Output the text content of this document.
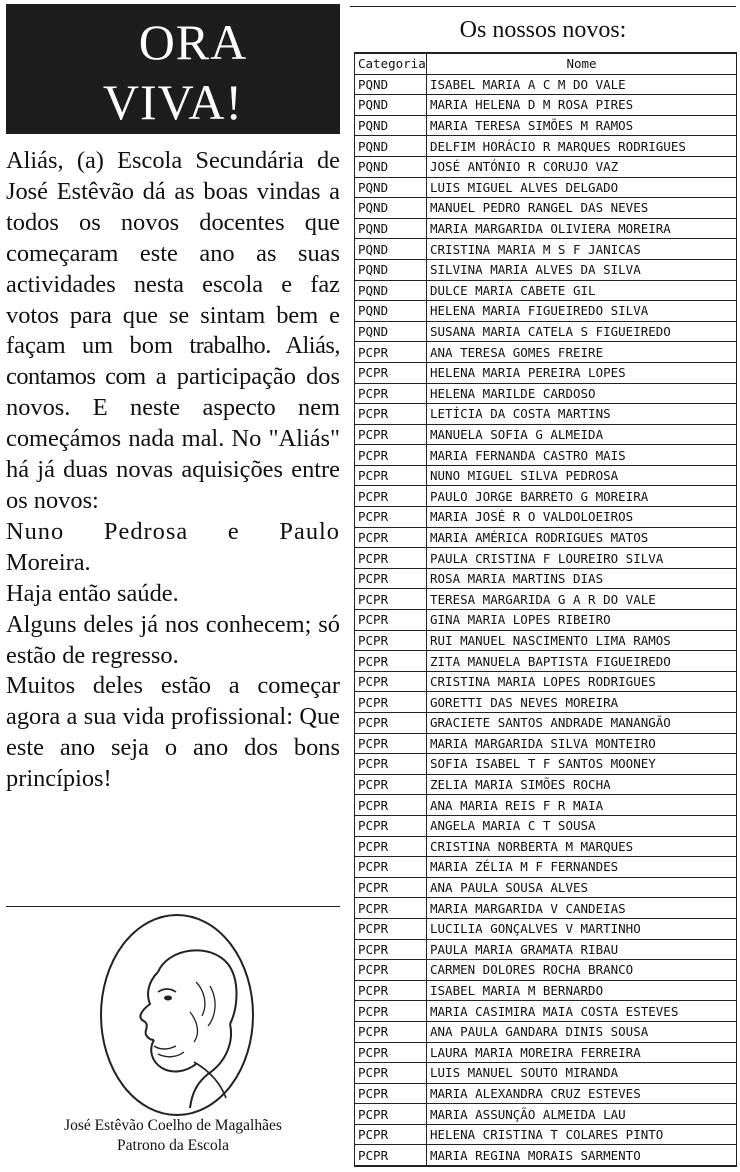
ORA
VIVA!

Aliás, (a) Escola Secundária de José Estêvão dá as boas vindas a todos os novos docentes que começaram este ano as suas actividades nesta escola e faz votos para que se sintam bem e façam um bom trabalho. Aliás, contamos com a participação dos novos. E neste aspecto nem começámos nada mal. No "Aliás" há já duas novas aquisições entre os novos:

Nuno Pedrosa e Paulo

Moreira.

Haja então saúde.

Alguns deles já nos conhecem; só estão de regresso.

Muitos deles estão a começar agora a sua vida profissional: Que este ano seja o ano dos bons princípios!

José Estêvão Coelho de Magalhães
Patrono da Escola
Os nossos novos:
Categoria	Nome
PQND	ISABEL MARIA A C M DO VALE
PQND	MARIA HELENA D M ROSA PIRES
PQND	MARIA TERESA SIMÕES M RAMOS
PQND	DELFIM HORÁCIO R MARQUES RODRIGUES
PQND	JOSÉ ANTÓNIO R CORUJO VAZ
PQND	LUIS MIGUEL ALVES DELGADO
PQND	MANUEL PEDRO RANGEL DAS NEVES
PQND	MARIA MARGARIDA OLIVIERA MOREIRA
PQND	CRISTINA MARIA M S F JANICAS
PQND	SILVINA MARIA ALVES DA SILVA
PQND	DULCE MARIA CABETE GIL
PQND	HELENA MARIA FIGUEIREDO SILVA
PQND	SUSANA MARIA CATELA S FIGUEIREDO
PCPR	ANA TERESA GOMES FREIRE
PCPR	HELENA MARIA PEREIRA LOPES
PCPR	HELENA MARILDE CARDOSO
PCPR	LETÍCIA DA COSTA MARTINS
PCPR	MANUELA SOFIA G ALMEIDA
PCPR	MARIA FERNANDA CASTRO MAIS
PCPR	NUNO MIGUEL SILVA PEDROSA
PCPR	PAULO JORGE BARRETO G MOREIRA
PCPR	MARIA JOSÉ R O VALDOLOEIROS
PCPR	MARIA AMÉRICA RODRIGUES MATOS
PCPR	PAULA CRISTINA F LOUREIRO SILVA
PCPR	ROSA MARIA MARTINS DIAS
PCPR	TERESA MARGARIDA G A R DO VALE
PCPR	GINA MARIA LOPES RIBEIRO
PCPR	RUI MANUEL NASCIMENTO LIMA RAMOS
PCPR	ZITA MANUELA BAPTISTA FIGUEIREDO
PCPR	CRISTINA MARIA LOPES RODRIGUES
PCPR	GORETTI DAS NEVES MOREIRA
PCPR	GRACIETE SANTOS ANDRADE MANANGÃO
PCPR	MARIA MARGARIDA SILVA MONTEIRO
PCPR	SOFIA ISABEL T F SANTOS MOONEY
PCPR	ZELIA MARIA SIMÕES ROCHA
PCPR	ANA MARIA REIS F R MAIA
PCPR	ANGELA MARIA C T SOUSA
PCPR	CRISTINA NORBERTA M MARQUES
PCPR	MARIA ZÉLIA M F FERNANDES
PCPR	ANA PAULA SOUSA ALVES
PCPR	MARIA MARGARIDA V CANDEIAS
PCPR	LUCILIA GONÇALVES V MARTINHO
PCPR	PAULA MARIA GRAMATA RIBAU
PCPR	CARMEN DOLORES ROCHA BRANCO
PCPR	ISABEL MARIA M BERNARDO
PCPR	MARIA CASIMIRA MAIA COSTA ESTEVES
PCPR	ANA PAULA GANDARA DINIS SOUSA
PCPR	LAURA MARIA MOREIRA FERREIRA
PCPR	LUIS MANUEL SOUTO MIRANDA
PCPR	MARIA ALEXANDRA CRUZ ESTEVES
PCPR	MARIA ASSUNÇÃO ALMEIDA LAU
PCPR	HELENA CRISTINA T COLARES PINTO
PCPR	MARIA REGINA MORAIS SARMENTO
